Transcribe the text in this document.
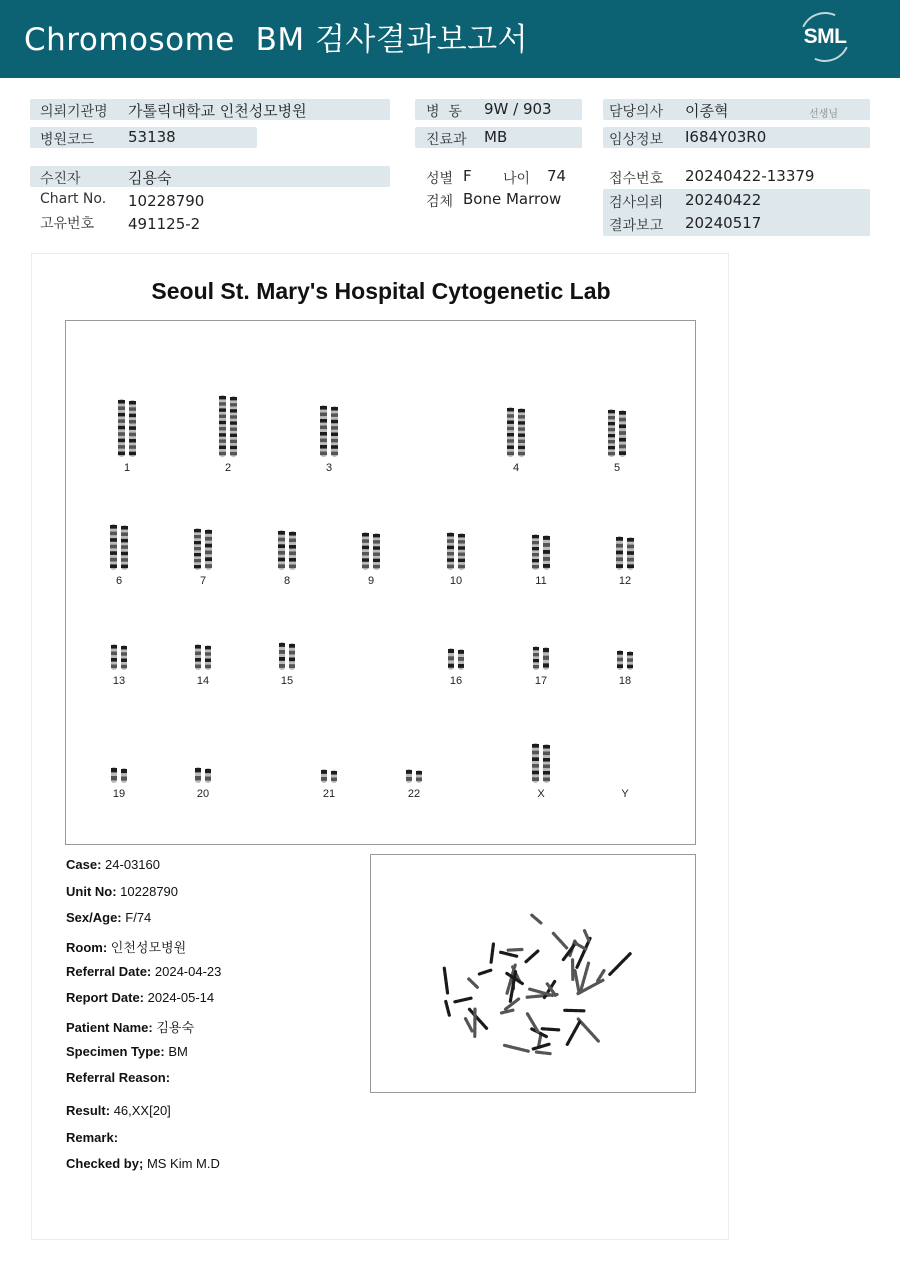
Chromosome  BM 검사결과보고서	SML
의뢰기관명 가톨릭대학교 인천성모병원	병  동 9W / 903	담당의사 이종혁	선생님
병원코드 53138	진료과 MB	임상정보 I684Y03R0
수진자	김용숙	성별 F 나이 74	접수번호 20240422-13379
Chart No. 10228790	검체 Bone Marrow	검사의뢰 20240422
고유번호 491125-2	결과보고 20240517
Seoul St. Mary's Hospital Cytogenetic Lab
1	2	3	4	5
6	7	8	9	10	11	12
13	14	15	16	17	18
19	20	21	22	X	Y
Case: 24-03160
Unit No: 10228790
Sex/Age: F/74
Room: 인천성모병원
Referral Date: 2024-04-23
Report Date: 2024-05-14
Patient Name: 김용숙
Specimen Type: BM
Referral Reason:
Result: 46,XX[20]
Remark:
Checked by; MS Kim M.D
